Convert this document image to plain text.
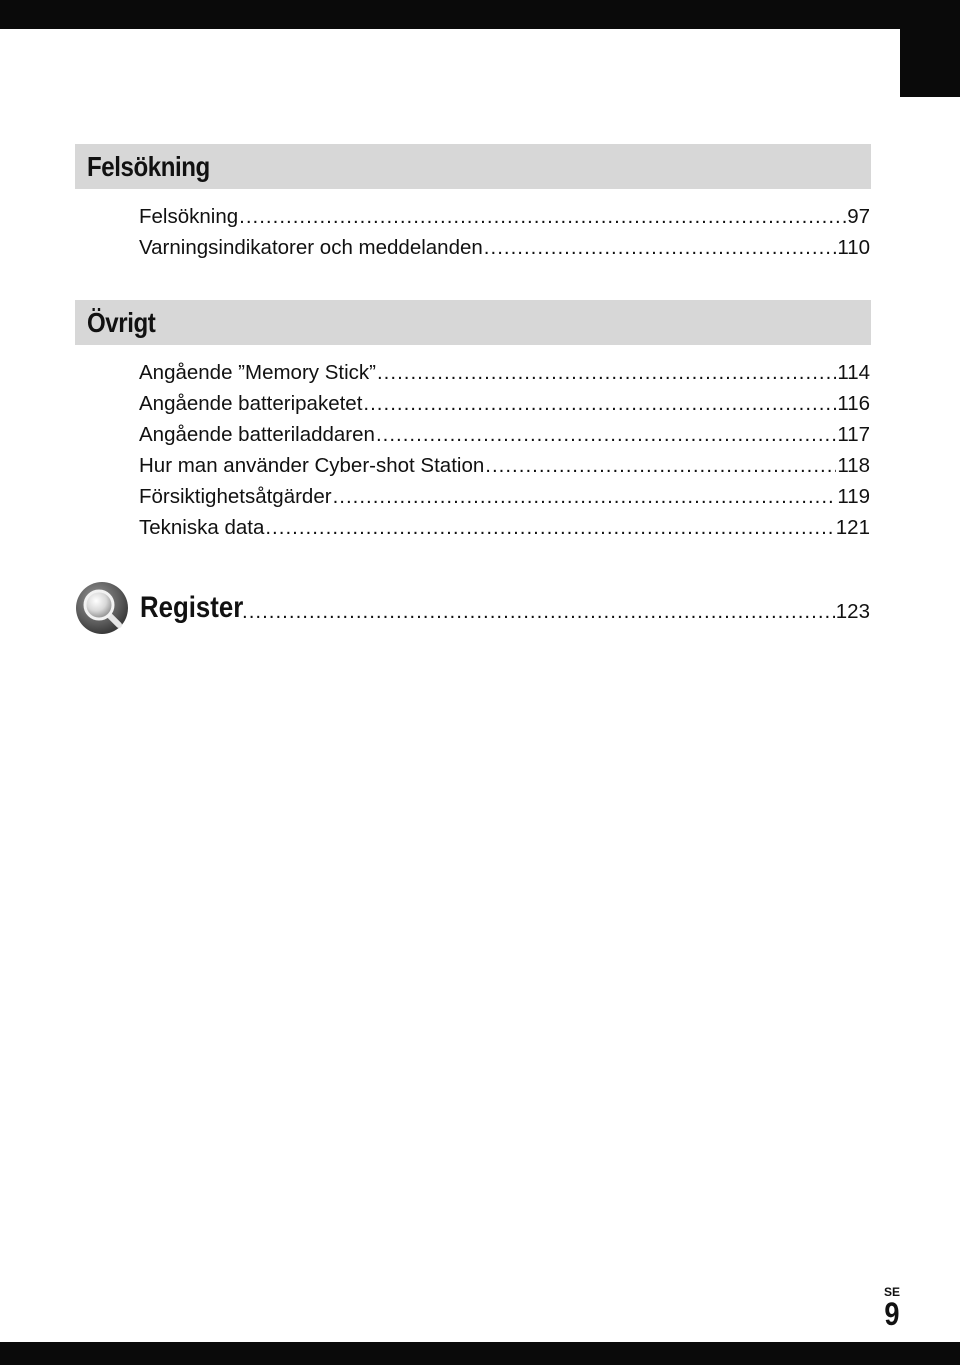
Felsökning
Felsökning .....	97
Varningsindikatorer och meddelanden .....	110
Övrigt
Angående ”Memory Stick” .....	114
Angående batteripaketet .....	116
Angående batteriladdaren .....	117
Hur man använder Cyber-shot Station .....	118
Försiktighetsåtgärder .....	119
Tekniska data .....	121
Register .....	123
SE
9
